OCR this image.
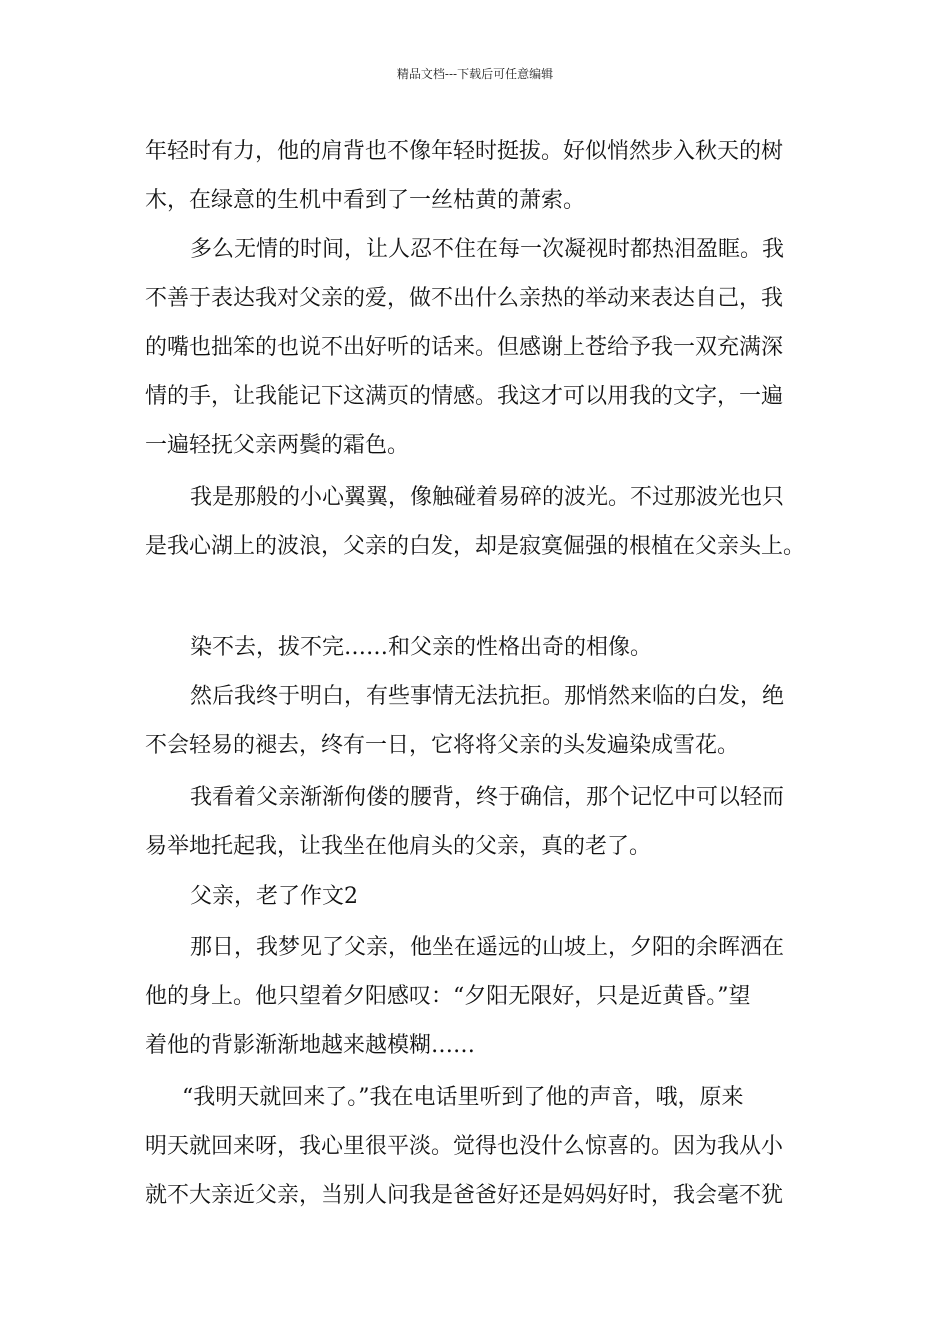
精品文档---下载后可任意编辑
年轻时有力，他的肩背也不像年轻时挺拔。好似悄然步入秋天的树
木，在绿意的生机中看到了一丝枯黄的萧索。
多么无情的时间，让人忍不住在每一次凝视时都热泪盈眶。我
不善于表达我对父亲的爱，做不出什么亲热的举动来表达自己，我
的嘴也拙笨的也说不出好听的话来。但感谢上苍给予我一双充满深
情的手，让我能记下这满页的情感。我这才可以用我的文字，一遍
一遍轻抚父亲两鬓的霜色。
我是那般的小心翼翼，像触碰着易碎的波光。不过那波光也只
是我心湖上的波浪，父亲的白发，却是寂寞倔强的根植在父亲头上。
染不去，拔不完……和父亲的性格出奇的相像。
然后我终于明白，有些事情无法抗拒。那悄然来临的白发，绝
不会轻易的褪去，终有一日，它将将父亲的头发遍染成雪花。
我看着父亲渐渐佝偻的腰背，终于确信，那个记忆中可以轻而
易举地托起我，让我坐在他肩头的父亲，真的老了。
父亲，老了作文2
那日，我梦见了父亲，他坐在遥远的山坡上，夕阳的余晖洒在
他的身上。他只望着夕阳感叹：“夕阳无限好，只是近黄昏。”望
着他的背影渐渐地越来越模糊……
“我明天就回来了。”我在电话里听到了他的声音，哦，原来
明天就回来呀，我心里很平淡。觉得也没什么惊喜的。因为我从小
就不大亲近父亲，当别人问我是爸爸好还是妈妈好时，我会毫不犹
